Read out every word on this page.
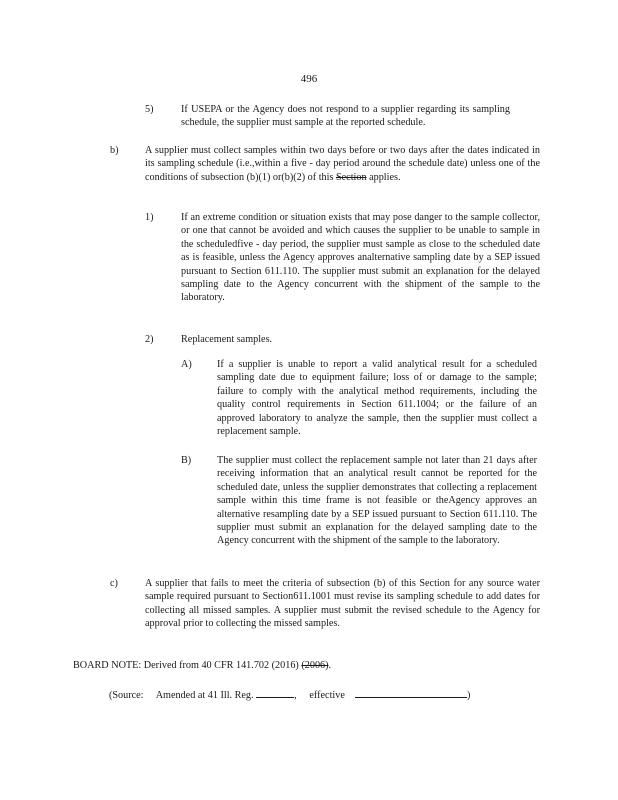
496
5)	If USEPA or the Agency does not respond to a supplier regarding its sampling schedule, the supplier must sample at the reported schedule.
b)	A supplier must collect samples within two days before or two days after the dates indicated in its sampling schedule (i.e.,within a five - day period around the schedule date) unless one of the conditions of subsection (b)(1) or(b)(2) of this Section applies.
1)	If an extreme condition or situation exists that may pose danger to the sample collector, or one that cannot be avoided and which causes the supplier to be unable to sample in the scheduledfive - day period, the supplier must sample as close to the scheduled date as is feasible, unless the Agency approves analternative sampling date by a SEP issued pursuant to Section 611.110. The supplier must submit an explanation for the delayed sampling date to the Agency concurrent with the shipment of the sample to the laboratory.
2)	Replacement samples.
A) If a supplier is unable to report a valid analytical result for a scheduled sampling date due to equipment failure; loss of or damage to the sample; failure to comply with the analytical method requirements, including the quality control requirements in Section 611.1004; or the failure of an approved laboratory to analyze the sample, then the supplier must collect a replacement sample.
B)	The supplier must collect the replacement sample not later than 21 days after receiving information that an analytical result cannot be reported for the scheduled date, unless the supplier demonstrates that collecting a replacement sample within this time frame is not feasible or theAgency approves an alternative resampling date by a SEP issued pursuant to Section 611.110. The supplier must submit an explanation for the delayed sampling date to the Agency concurrent with the shipment of the sample to the laboratory.
c)	A supplier that fails to meet the criteria of subsection (b) of this Section for any source water sample required pursuant to Section611.1001 must revise its sampling schedule to add dates for collecting all missed samples. A supplier must submit the revised schedule to the Agency for approval prior to collecting the missed samples.
BOARD NOTE: Derived from 40 CFR 141.702 (2016) (2006).
(Source: Amended at 41 Ill. Reg.	, effective	)
